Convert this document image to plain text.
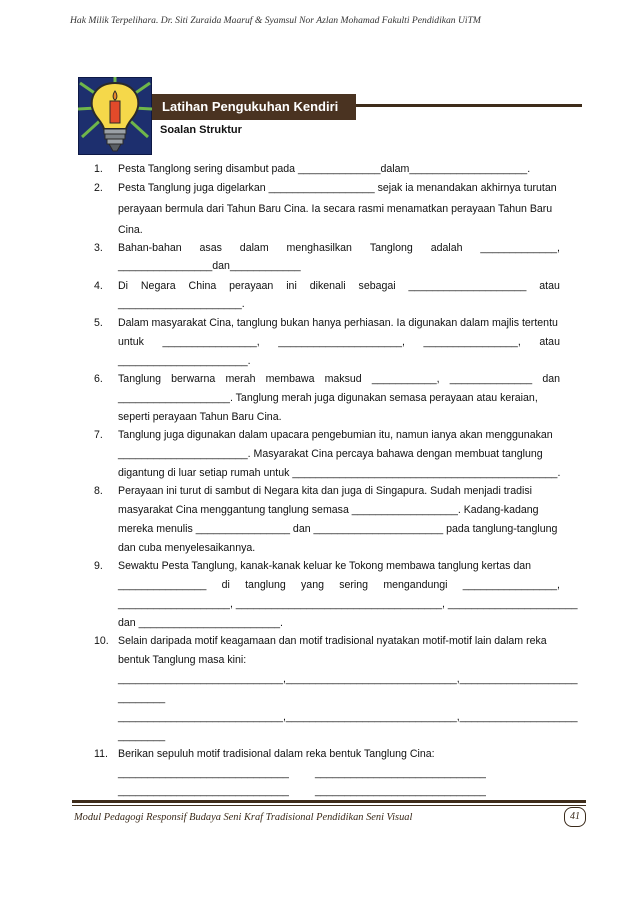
Hak Milik Terpelihara. Dr. Siti Zuraida Maaruf & Syamsul Nor Azlan Mohamad Fakulti Pendidikan UiTM
Latihan Pengukuhan Kendiri
Soalan Struktur
1. Pesta Tanglong sering disambut pada ______________dalam____________________.
2. Pesta Tanglung juga digelarkan __________________ sejak ia menandakan akhirnya turutan
perayaan bermula dari Tahun Baru Cina. Ia secara rasmi menamatkan perayaan Tahun Baru
Cina.
3. Bahan-bahan asas dalam menghasilkan Tanglong adalah _____________,
________________dan____________
4. Di Negara China perayaan ini dikenali sebagai ____________________ atau
_____________________.
5. Dalam masyarakat Cina, tanglung bukan hanya perhiasan. Ia digunakan dalam majlis tertentu
untuk ________________, _____________________, ________________, atau
______________________.
6. Tanglung berwarna merah membawa maksud ___________, ______________ dan
___________________. Tanglung merah juga digunakan semasa perayaan atau keraian,
seperti perayaan Tahun Baru Cina.
7. Tanglung juga digunakan dalam upacara pengebumian itu, namun ianya akan menggunakan
______________________. Masyarakat Cina percaya bahawa dengan membuat tanglung
digantung di luar setiap rumah untuk _____________________________________________.
8. Perayaan ini turut di sambut di Negara kita dan juga di Singapura. Sudah menjadi tradisi
masyarakat Cina menggantung tanglung semasa __________________. Kadang-kadang
mereka menulis ________________ dan ______________________ pada tanglung-tanglung
dan cuba menyelesaikannya.
9. Sewaktu Pesta Tanglung, kanak-kanak keluar ke Tokong membawa tanglung kertas dan
_______________ di tanglung yang sering mengandungi ________________,
___________________, ___________________________________, ______________________
dan ________________________.
10. Selain daripada motif keagamaan dan motif tradisional nyatakan motif-motif lain dalam reka
bentuk Tanglung masa kini:
____________________________,_____________________________,____________________
________
____________________________,_____________________________,____________________
________
11. Berikan sepuluh motif tradisional dalam reka bentuk Tanglung Cina:
_____________________________ _____________________________
_____________________________ _____________________________
Modul Pedagogi Responsif Budaya Seni Kraf Tradisional Pendidikan Seni Visual	41
